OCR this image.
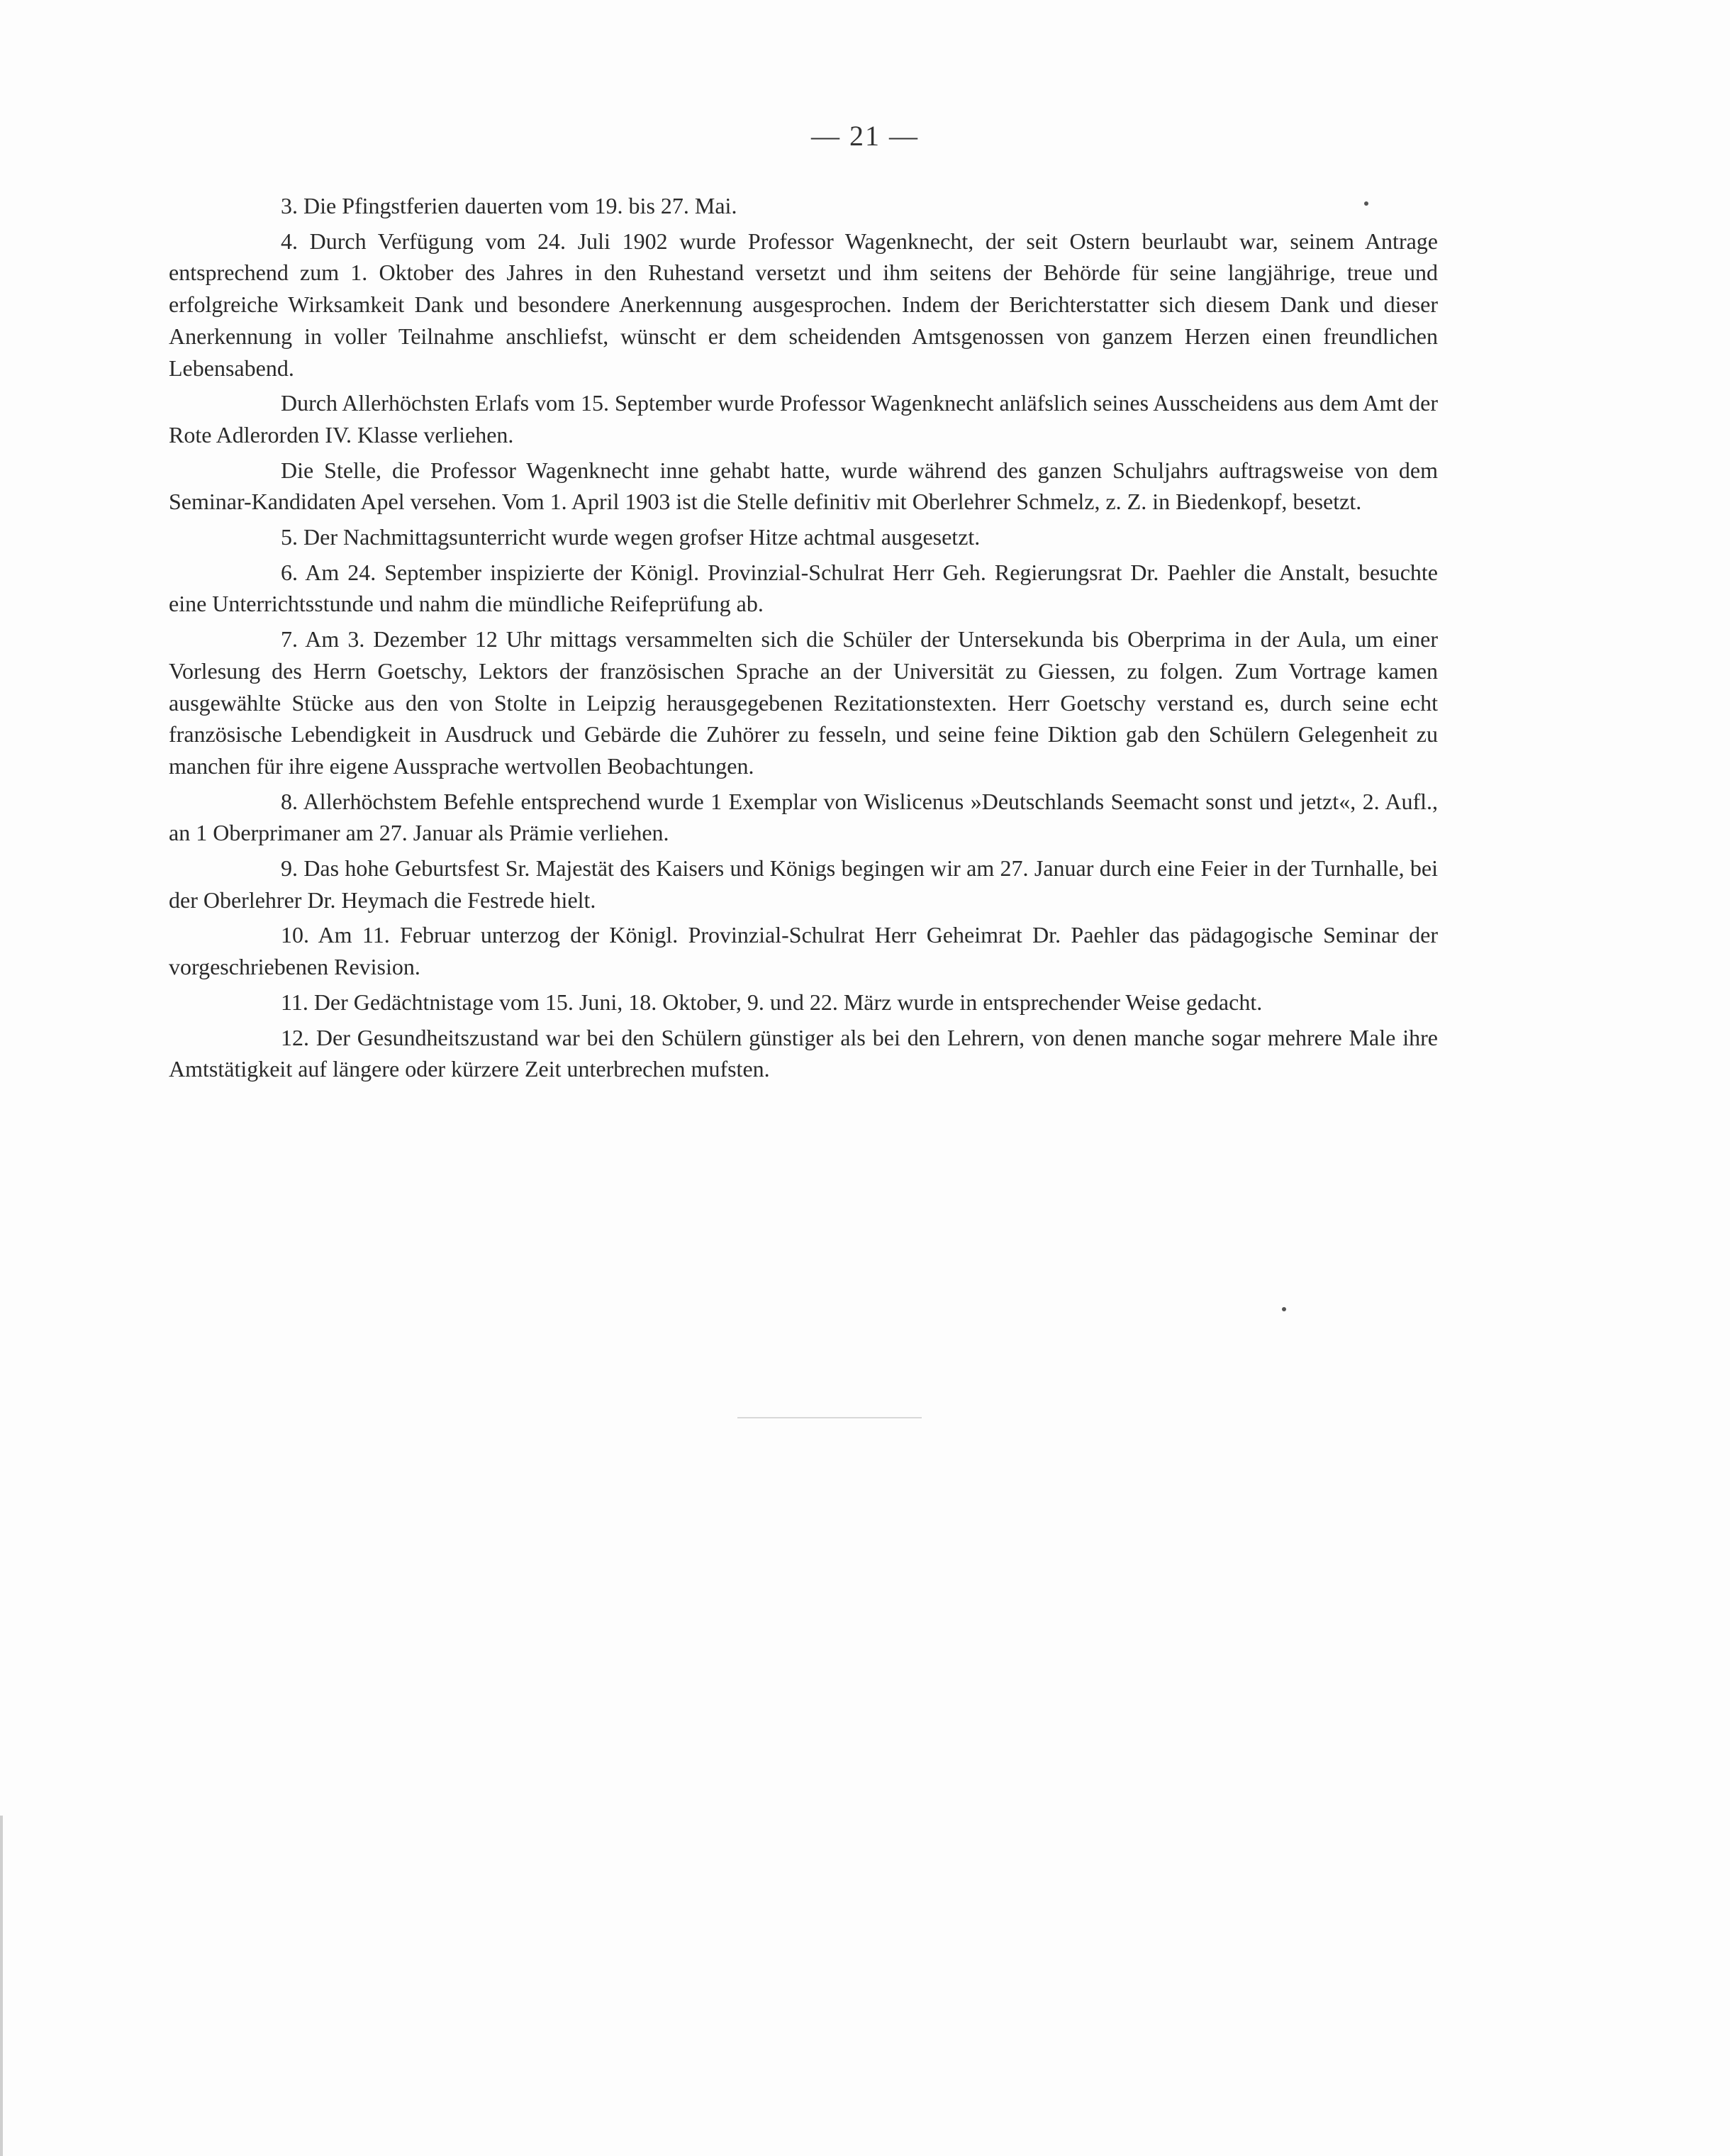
— 21 —

3. Die Pfingstferien dauerten vom 19. bis 27. Mai.

4. Durch Verfügung vom 24. Juli 1902 wurde Professor Wagenknecht, der seit Ostern beurlaubt war, seinem Antrage entsprechend zum 1. Oktober des Jahres in den Ruhestand versetzt und ihm seitens der Behörde für seine langjährige, treue und erfolgreiche Wirksamkeit Dank und besondere Anerkennung ausgesprochen. Indem der Berichterstatter sich diesem Dank und dieser Anerkennung in voller Teilnahme anschliefst, wünscht er dem scheidenden Amtsgenossen von ganzem Herzen einen freundlichen Lebensabend.

Durch Allerhöchsten Erlafs vom 15. September wurde Professor Wagenknecht anläfslich seines Ausscheidens aus dem Amt der Rote Adlerorden IV. Klasse verliehen.

Die Stelle, die Professor Wagenknecht inne gehabt hatte, wurde während des ganzen Schuljahrs auftragsweise von dem Seminar-Kandidaten Apel versehen. Vom 1. April 1903 ist die Stelle definitiv mit Oberlehrer Schmelz, z. Z. in Biedenkopf, besetzt.

5. Der Nachmittagsunterricht wurde wegen grofser Hitze achtmal ausgesetzt.

6. Am 24. September inspizierte der Königl. Provinzial-Schulrat Herr Geh. Regierungsrat Dr. Paehler die Anstalt, besuchte eine Unterrichtsstunde und nahm die mündliche Reifeprüfung ab.

7. Am 3. Dezember 12 Uhr mittags versammelten sich die Schüler der Untersekunda bis Oberprima in der Aula, um einer Vorlesung des Herrn Goetschy, Lektors der französischen Sprache an der Universität zu Giessen, zu folgen. Zum Vortrage kamen ausgewählte Stücke aus den von Stolte in Leipzig herausgegebenen Rezitationstexten. Herr Goetschy verstand es, durch seine echt französische Lebendigkeit in Ausdruck und Gebärde die Zuhörer zu fesseln, und seine feine Diktion gab den Schülern Gelegenheit zu manchen für ihre eigene Aussprache wertvollen Beobachtungen.

8. Allerhöchstem Befehle entsprechend wurde 1 Exemplar von Wislicenus »Deutschlands Seemacht sonst und jetzt«, 2. Aufl., an 1 Oberprimaner am 27. Januar als Prämie verliehen.

9. Das hohe Geburtsfest Sr. Majestät des Kaisers und Königs begingen wir am 27. Januar durch eine Feier in der Turnhalle, bei der Oberlehrer Dr. Heymach die Festrede hielt.

10. Am 11. Februar unterzog der Königl. Provinzial-Schulrat Herr Geheimrat Dr. Paehler das pädagogische Seminar der vorgeschriebenen Revision.

11. Der Gedächtnistage vom 15. Juni, 18. Oktober, 9. und 22. März wurde in entsprechender Weise gedacht.

12. Der Gesundheitszustand war bei den Schülern günstiger als bei den Lehrern, von denen manche sogar mehrere Male ihre Amtstätigkeit auf längere oder kürzere Zeit unterbrechen mufsten.
